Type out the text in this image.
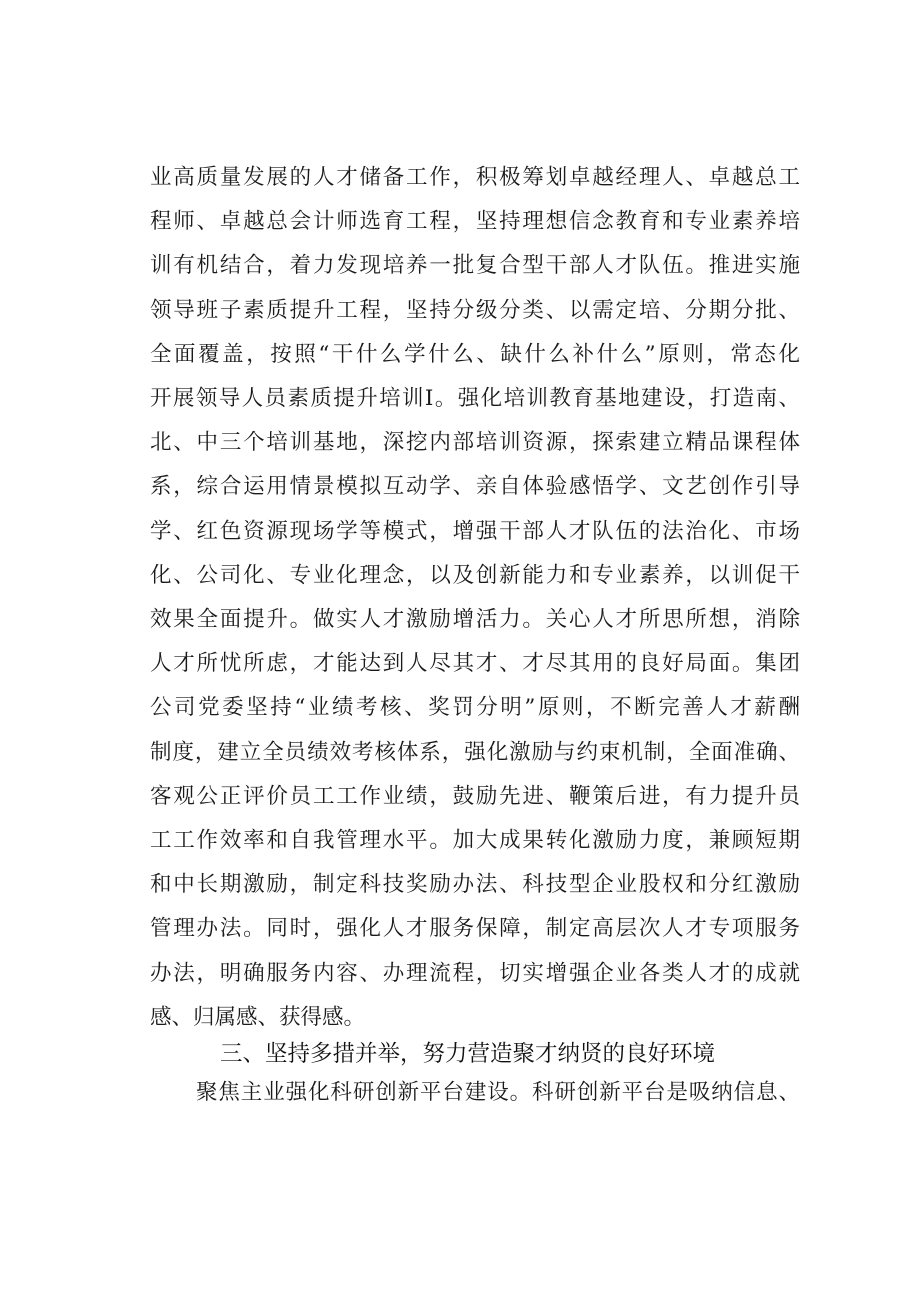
业高质量发展的人才储备工作，积极筹划卓越经理人、卓越总工
程师、卓越总会计师选育工程，坚持理想信念教育和专业素养培
训有机结合，着力发现培养一批复合型干部人才队伍。推进实施
领导班子素质提升工程，坚持分级分类、以需定培、分期分批、
全面覆盖，按照“干什么学什么、缺什么补什么”原则，常态化
开展领导人员素质提升培训I。强化培训教育基地建设，打造南、
北、中三个培训基地，深挖内部培训资源，探索建立精品课程体
系，综合运用情景模拟互动学、亲自体验感悟学、文艺创作引导
学、红色资源现场学等模式，增强干部人才队伍的法治化、市场
化、公司化、专业化理念，以及创新能力和专业素养，以训促干
效果全面提升。做实人才激励增活力。关心人才所思所想，消除
人才所忧所虑，才能达到人尽其才、才尽其用的良好局面。集团
公司党委坚持“业绩考核、奖罚分明”原则，不断完善人才薪酬
制度，建立全员绩效考核体系，强化激励与约束机制，全面准确、
客观公正评价员工工作业绩，鼓励先进、鞭策后进，有力提升员
工工作效率和自我管理水平。加大成果转化激励力度，兼顾短期
和中长期激励，制定科技奖励办法、科技型企业股权和分红激励
管理办法。同时，强化人才服务保障，制定高层次人才专项服务
办法，明确服务内容、办理流程，切实增强企业各类人才的成就
感、归属感、获得感。
三、坚持多措并举，努力营造聚才纳贤的良好环境
聚焦主业强化科研创新平台建设。科研创新平台是吸纳信息、
